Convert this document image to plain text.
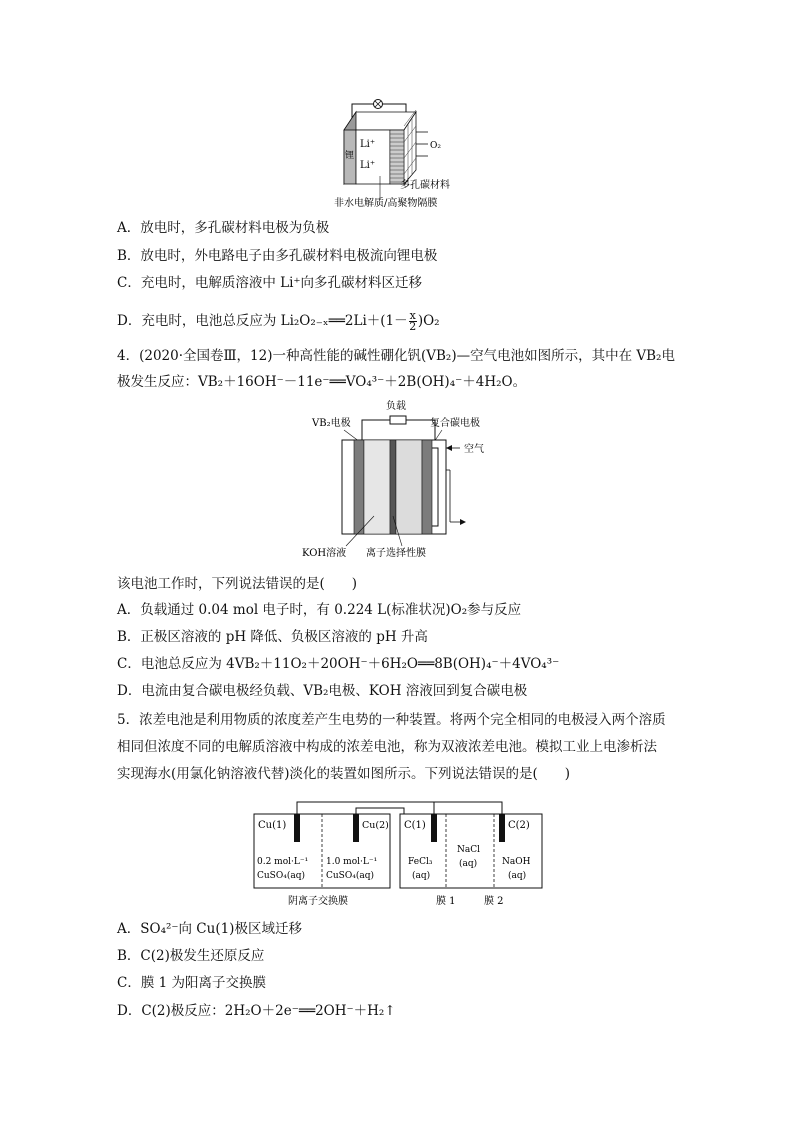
O₂
锂
Li⁺
Li⁺
多孔碳材料
非水电解质/高聚物隔膜
A．放电时，多孔碳材料电极为负极
B．放电时，外电路电子由多孔碳材料电极流向锂电极
C．充电时，电解质溶液中 Li⁺向多孔碳材料区迁移
D．充电时，电池总反应为 Li₂O₂₋ₓ══2Li＋(1－ $\frac{x}{2} )O_2$
4．(2020·全国卷Ⅲ，12)一种高性能的碱性硼化钒(VB₂)—空气电池如图所示，其中在 VB₂电
极发生反应：VB₂＋16OH⁻－11e⁻══VO₄³⁻＋2B(OH)₄⁻＋4H₂O。
负载
VB₂电极	复合碳电极
空气
KOH溶液 离子选择性膜
该电池工作时，下列说法错误的是(　　)
A．负载通过 0.04 mol 电子时，有 0.224 L(标准状况)O₂参与反应
B．正极区溶液的 pH 降低、负极区溶液的 pH 升高
C．电池总反应为 4VB₂＋11O₂＋20OH⁻＋6H₂O══8B(OH)₄⁻＋4VO₄³⁻
D．电流由复合碳电极经负载、VB₂电极、KOH 溶液回到复合碳电极
5．浓差电池是利用物质的浓度差产生电势的一种装置。将两个完全相同的电极浸入两个溶质
相同但浓度不同的电解质溶液中构成的浓差电池，称为双液浓差电池。模拟工业上电渗析法
实现海水(用氯化钠溶液代替)淡化的装置如图所示。下列说法错误的是(　　)
Cu(1)	Cu(2) C(1)	C(2)
0.2 mol·L⁻¹
CuSO₄(aq)
1.0 mol·L⁻¹
CuSO₄(aq)
FeCl₃
(aq)
NaCl
(aq)	NaOH
(aq)
阴离子交换膜	膜 1	膜 2
A．SO₄²⁻向 Cu(1)极区域迁移
B．C(2)极发生还原反应
C．膜 1 为阳离子交换膜
D．C(2)极反应：2H₂O＋2e⁻══2OH⁻＋H₂↑
